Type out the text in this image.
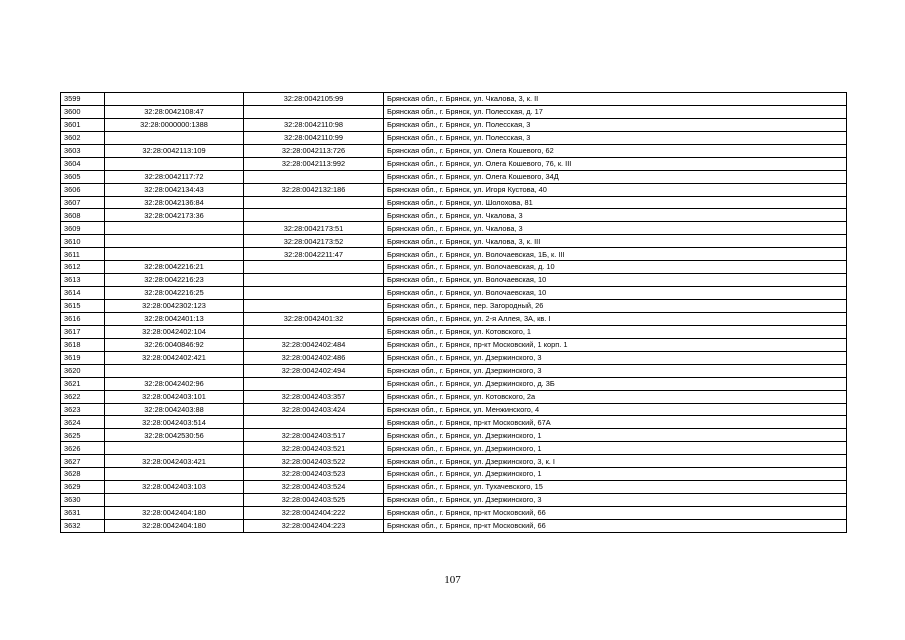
3599		32:28:0042105:99	Брянская обл., г. Брянск, ул. Чкалова, 3, к. II
3600	32:28:0042108:47		Брянская обл., г. Брянск, ул. Полесская, д. 17
3601	32:28:0000000:1388	32:28:0042110:98	Брянская обл., г. Брянск, ул. Полесская, 3
3602		32:28:0042110:99	Брянская обл., г. Брянск, ул. Полесская, 3
3603	32:28:0042113:109	32:28:0042113:726	Брянская обл., г. Брянск, ул. Олега Кошевого, 62
3604		32:28:0042113:992	Брянская обл., г. Брянск, ул. Олега Кошевого, 76, к. III
3605	32:28:0042117:72		Брянская обл., г. Брянск, ул. Олега Кошевого, 34Д
3606	32:28:0042134:43	32:28:0042132:186	Брянская обл., г. Брянск, ул. Игоря Кустова, 40
3607	32:28:0042136:84		Брянская обл., г. Брянск, ул. Шолохова, 81
3608	32:28:0042173:36		Брянская обл., г. Брянск, ул. Чкалова, 3
3609		32:28:0042173:51	Брянская обл., г. Брянск, ул. Чкалова, 3
3610		32:28:0042173:52	Брянская обл., г. Брянск, ул. Чкалова, 3, к. III
3611		32:28:0042211:47	Брянская обл., г. Брянск, ул. Волочаевская, 1Б, к. III
3612	32:28:0042216:21		Брянская обл., г. Брянск, ул. Волочаевская, д. 10
3613	32:28:0042216:23		Брянская обл., г. Брянск, ул. Волочаевская, 10
3614	32:28:0042216:25		Брянская обл., г. Брянск, ул. Волочаевская, 10
3615	32:28:0042302:123		Брянская обл., г. Брянск, пер. Загородный, 26
3616	32:28:0042401:13	32:28:0042401:32	Брянская обл., г. Брянск, ул. 2-я Аллея, 3А, кв. I
3617	32:28:0042402:104		Брянская обл., г. Брянск, ул. Котовского, 1
3618	32:26:0040846:92	32:28:0042402:484	Брянская обл., г. Брянск, пр-кт Московский, 1 корп. 1
3619	32:28:0042402:421	32:28:0042402:486	Брянская обл., г. Брянск, ул. Дзержинского, 3
3620		32:28:0042402:494	Брянская обл., г. Брянск, ул. Дзержинского, 3
3621	32:28:0042402:96		Брянская обл., г. Брянск, ул. Дзержинского, д. 3Б
3622	32:28:0042403:101	32:28:0042403:357	Брянская обл., г. Брянск, ул. Котовского, 2а
3623	32:28:0042403:88	32:28:0042403:424	Брянская обл., г. Брянск, ул. Менжинского, 4
3624	32:28:0042403:514		Брянская обл., г. Брянск, пр-кт Московский, 67А
3625	32:28:0042530:56	32:28:0042403:517	Брянская обл., г. Брянск, ул. Дзержинского, 1
3626		32:28:0042403:521	Брянская обл., г. Брянск, ул. Дзержинского, 1
3627	32:28:0042403:421	32:28:0042403:522	Брянская обл., г. Брянск, ул. Дзержинского, 3, к. I
3628		32:28:0042403:523	Брянская обл., г. Брянск, ул. Дзержинского, 1
3629	32:28:0042403:103	32:28:0042403:524	Брянская обл., г. Брянск, ул. Тухачевского, 15
3630		32:28:0042403:525	Брянская обл., г. Брянск, ул. Дзержинского, 3
3631	32:28:0042404:180	32:28:0042404:222	Брянская обл., г. Брянск, пр-кт Московский, 66
3632	32:28:0042404:180	32:28:0042404:223	Брянская обл., г. Брянск, пр-кт Московский, 66
107
